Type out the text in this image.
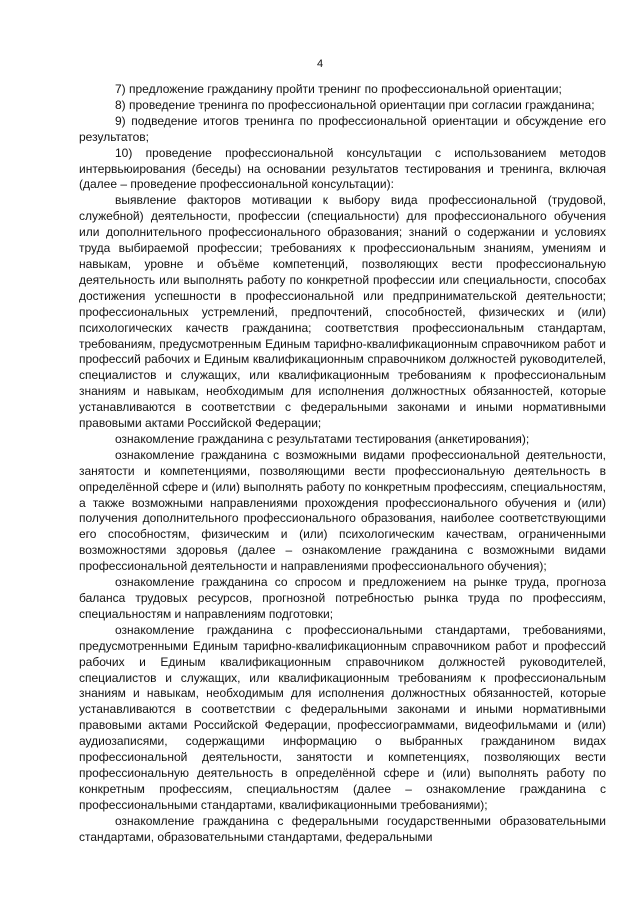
4

7) предложение гражданину пройти тренинг по профессиональной ориентации;

8) проведение тренинга по профессиональной ориентации при согласии гражданина;

9) подведение итогов тренинга по профессиональной ориентации и обсуждение его результатов;

10) проведение профессиональной консультации с использованием методов интервьюирования (беседы) на основании результатов тестирования и тренинга, включая (далее – проведение профессиональной консультации):

выявление факторов мотивации к выбору вида профессиональной (трудовой, служебной) деятельности, профессии (специальности) для профессионального обучения или дополнительного профессионального образования; знаний о содержании и условиях труда выбираемой профессии; требованиях к профессиональным знаниям, умениям и навыкам, уровне и объёме компетенций, позволяющих вести профессиональную деятельность или выполнять работу по конкретной профессии или специальности, способах достижения успешности в профессиональной или предпринимательской деятельности; профессиональных устремлений, предпочтений, способностей, физических и (или) психологических качеств гражданина; соответствия профессиональным стандартам, требованиям, предусмотренным Единым тарифно-квалификационным справочником работ и профессий рабочих и Единым квалификационным справочником должностей руководителей, специалистов и служащих, или квалификационным требованиям к профессиональным знаниям и навыкам, необходимым для исполнения должностных обязанностей, которые устанавливаются в соответствии с федеральными законами и иными нормативными правовыми актами Российской Федерации;

ознакомление гражданина с результатами тестирования (анкетирования);

ознакомление гражданина с возможными видами профессиональной деятельности, занятости и компетенциями, позволяющими вести профессиональную деятельность в определённой сфере и (или) выполнять работу по конкретным профессиям, специальностям, а также возможными направлениями прохождения профессионального обучения и (или) получения дополнительного профессионального образования, наиболее соответствующими его способностям, физическим и (или) психологическим качествам, ограниченными возможностями здоровья (далее – ознакомление гражданина с возможными видами профессиональной деятельности и направлениями профессионального обучения);

ознакомление гражданина со спросом и предложением на рынке труда, прогноза баланса трудовых ресурсов, прогнозной потребностью рынка труда по профессиям, специальностям и направлениям подготовки;

ознакомление гражданина с профессиональными стандартами, требованиями, предусмотренными Единым тарифно-квалификационным справочником работ и профессий рабочих и Единым квалификационным справочником должностей руководителей, специалистов и служащих, или квалификационным требованиям к профессиональным знаниям и навыкам, необходимым для исполнения должностных обязанностей, которые устанавливаются в соответствии с федеральными законами и иными нормативными правовыми актами Российской Федерации, профессиограммами, видеофильмами и (или) аудиозаписями, содержащими информацию о выбранных гражданином видах профессиональной деятельности, занятости и компетенциях, позволяющих вести профессиональную деятельность в определённой сфере и (или) выполнять работу по конкретным профессиям, специальностям (далее – ознакомление гражданина с профессиональными стандартами, квалификационными требованиями);

ознакомление гражданина с федеральными государственными образовательными стандартами, образовательными стандартами, федеральными
